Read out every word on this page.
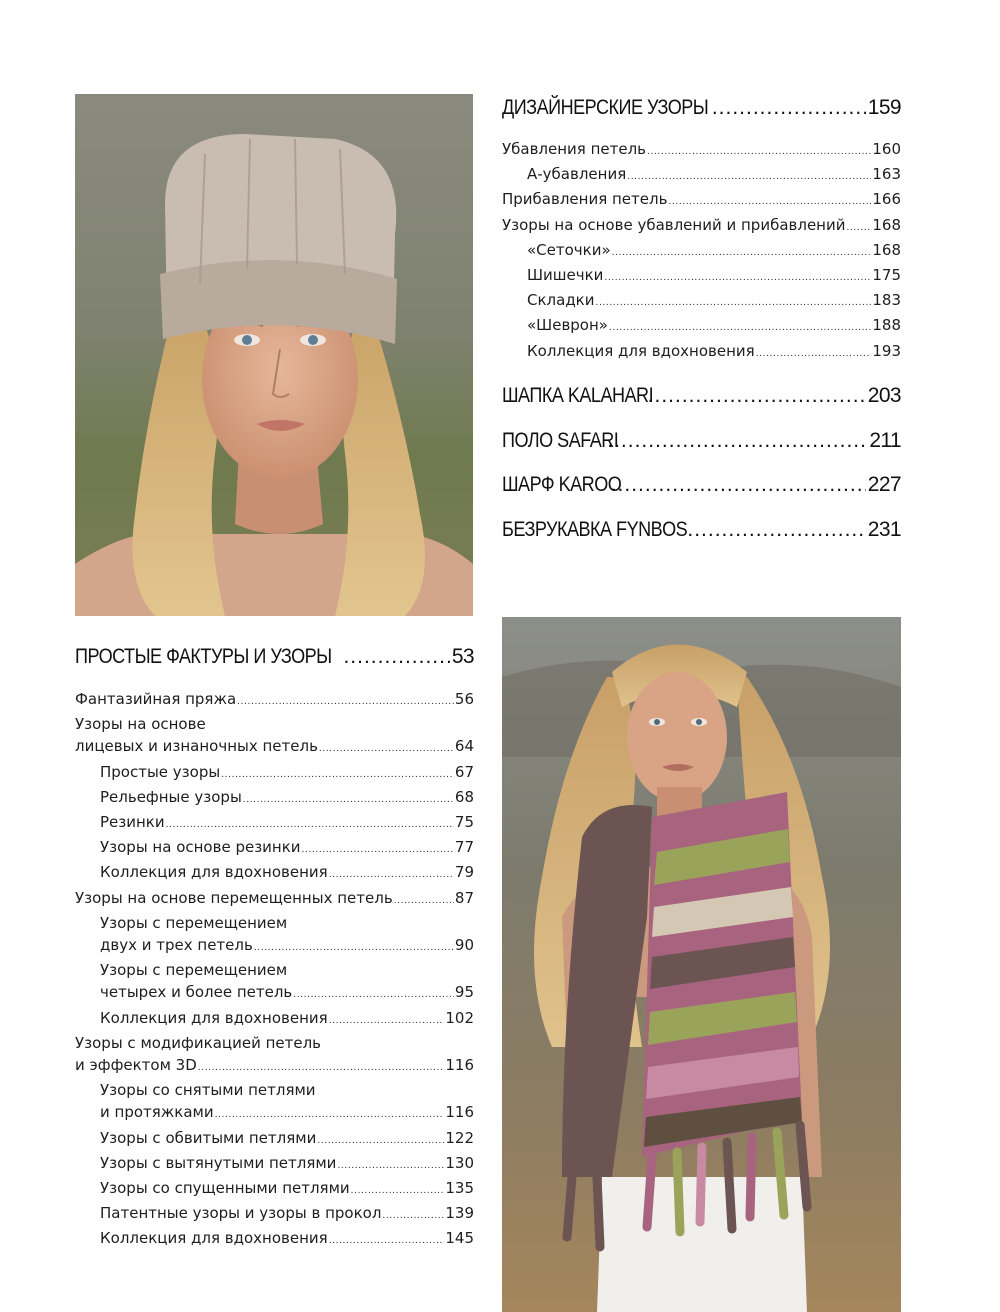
ДИЗАЙНЕРСКИЕ УЗОРЫ .....	159
Убавления петель .....	160
А-убавления .....	163
Прибавления петель .....	166
Узоры на основе убавлений и прибавлений ..... 168
«Сеточки» .....	168
Шишечки .....	175
Складки .....	183
«Шеврон» .....	188
Коллекция для вдохновения .....	193
ШАПКА KALAHARI .....	203
ПОЛО SAFARI .....	211
ШАРФ KAROO .....	227
БЕЗРУКАВКА FYNBOS .....	231
ПРОСТЫЕ ФАКТУРЫ И УЗОРЫ .....	53
Фантазийная пряжа .....	56
Узоры на основе
лицевых и изнаночных петель .....	64
Простые узоры .....	67
Рельефные узоры .....	68
Резинки .....	75
Узоры на основе резинки .....	77
Коллекция для вдохновения .....	79
Узоры на основе перемещенных петель .....	87
Узоры с перемещением
двух и трех петель .....	90
Узоры с перемещением
четырех и более петель .....	95
Коллекция для вдохновения .....	102
Узоры с модификацией петель
и эффектом 3D .....	116
Узоры со снятыми петлями
и протяжками .....	116
Узоры с обвитыми петлями .....	122
Узоры с вытянутыми петлями .....	130
Узоры со спущенными петлями .....	135
Патентные узоры и узоры в прокол .....	139
Коллекция для вдохновения .....	145
